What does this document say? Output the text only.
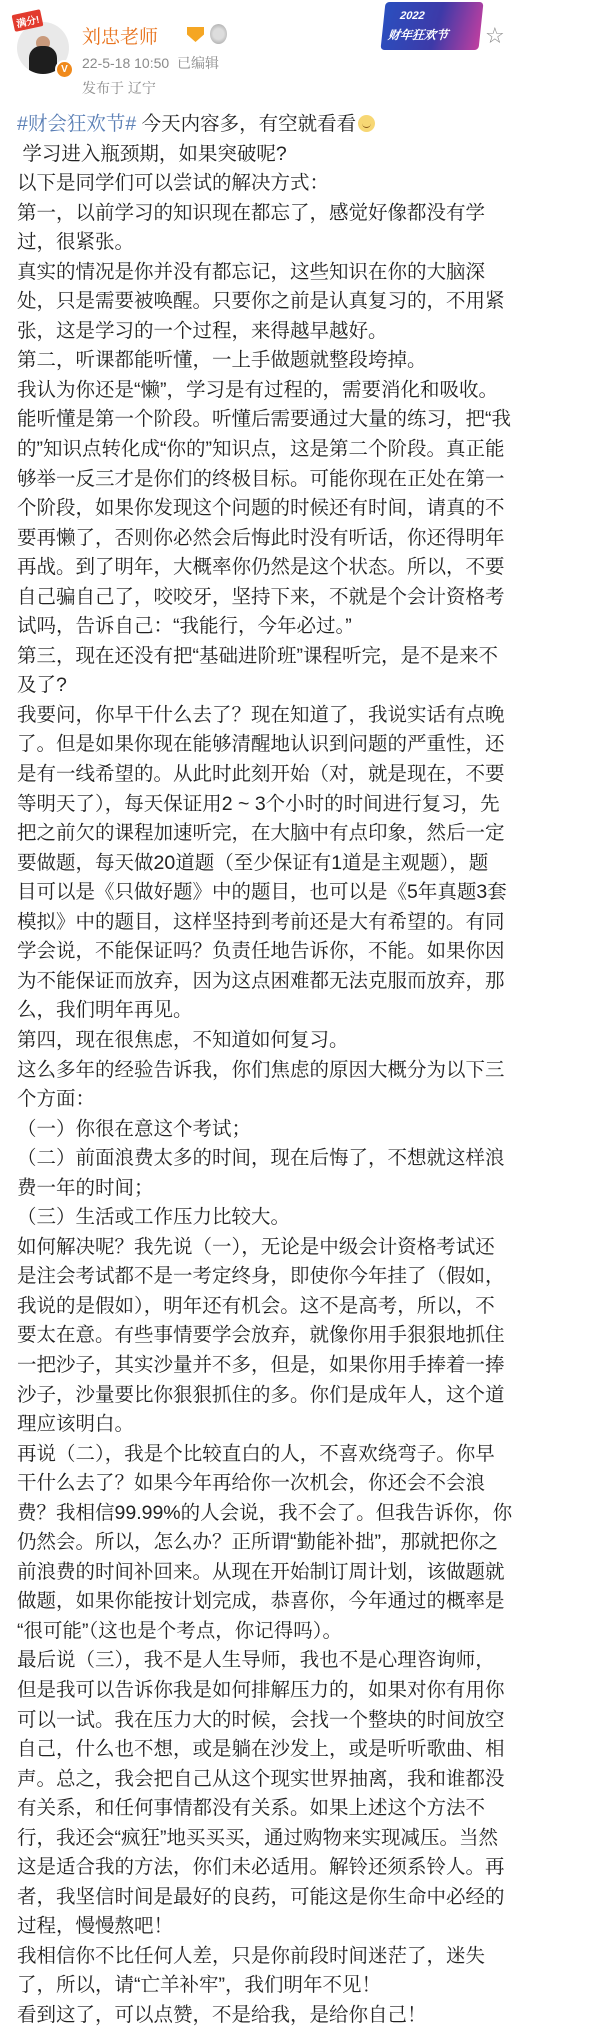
满分!
V
刘忠老师
22-5-18 10:50 已编辑
发布于 辽宁
2022
财年狂欢节 ☆
#财会狂欢节# 今天内容多，有空就看看
学习进入瓶颈期，如果突破呢?
以下是同学们可以尝试的解决方式：
第一，以前学习的知识现在都忘了，感觉好像都没有学
过，很紧张。
真实的情况是你并没有都忘记，这些知识在你的大脑深
处，只是需要被唤醒。只要你之前是认真复习的，不用紧
张，这是学习的一个过程，来得越早越好。
第二，听课都能听懂，一上手做题就整段垮掉。
我认为你还是“懒”，学习是有过程的，需要消化和吸收。
能听懂是第一个阶段。听懂后需要通过大量的练习，把“我
的”知识点转化成“你的”知识点，这是第二个阶段。真正能
够举一反三才是你们的终极目标。可能你现在正处在第一
个阶段，如果你发现这个问题的时候还有时间，请真的不
要再懒了，否则你必然会后悔此时没有听话，你还得明年
再战。到了明年，大概率你仍然是这个状态。所以，不要
自己骗自己了，咬咬牙，坚持下来，不就是个会计资格考
试吗，告诉自己：“我能行，今年必过。”
第三，现在还没有把“基础进阶班”课程听完，是不是来不
及了?
我要问，你早干什么去了？现在知道了，我说实话有点晚
了。但是如果你现在能够清醒地认识到问题的严重性，还
是有一线希望的。从此时此刻开始（对，就是现在，不要
等明天了），每天保证用2 ~ 3个小时的时间进行复习，先
把之前欠的课程加速听完，在大脑中有点印象，然后一定
要做题，每天做20道题（至少保证有1道是主观题），题
目可以是《只做好题》中的题目，也可以是《5年真题3套
模拟》中的题目，这样坚持到考前还是大有希望的。有同
学会说，不能保证吗？负责任地告诉你，不能。如果你因
为不能保证而放弃，因为这点困难都无法克服而放弃，那
么，我们明年再见。
第四，现在很焦虑，不知道如何复习。
这么多年的经验告诉我，你们焦虑的原因大概分为以下三
个方面：
（一）你很在意这个考试；
（二）前面浪费太多的时间，现在后悔了，不想就这样浪
费一年的时间；
（三）生活或工作压力比较大。
如何解决呢？我先说（一），无论是中级会计资格考试还
是注会考试都不是一考定终身，即使你今年挂了（假如，
我说的是假如），明年还有机会。这不是高考，所以，不
要太在意。有些事情要学会放弃，就像你用手狠狠地抓住
一把沙子，其实沙量并不多，但是，如果你用手捧着一捧
沙子，沙量要比你狠狠抓住的多。你们是成年人，这个道
理应该明白。
再说（二），我是个比较直白的人，不喜欢绕弯子。你早
干什么去了？如果今年再给你一次机会，你还会不会浪
费？我相信99.99%的人会说，我不会了。但我告诉你，你
仍然会。所以，怎么办？正所谓“勤能补拙”，那就把你之
前浪费的时间补回来。从现在开始制订周计划，该做题就
做题，如果你能按计划完成，恭喜你，今年通过的概率是
“很可能”（这也是个考点，你记得吗）。
最后说（三），我不是人生导师，我也不是心理咨询师，
但是我可以告诉你我是如何排解压力的，如果对你有用你
可以一试。我在压力大的时候，会找一个整块的时间放空
自己，什么也不想，或是躺在沙发上，或是听听歌曲、相
声。总之，我会把自己从这个现实世界抽离，我和谁都没
有关系，和任何事情都没有关系。如果上述这个方法不
行，我还会“疯狂”地买买买，通过购物来实现减压。当然
这是适合我的方法，你们未必适用。解铃还须系铃人。再
者，我坚信时间是最好的良药，可能这是你生命中必经的
过程，慢慢熬吧！
我相信你不比任何人差，只是你前段时间迷茫了，迷失
了，所以，请“亡羊补牢”，我们明年不见！
看到这了，可以点赞，不是给我，是给你自己！
